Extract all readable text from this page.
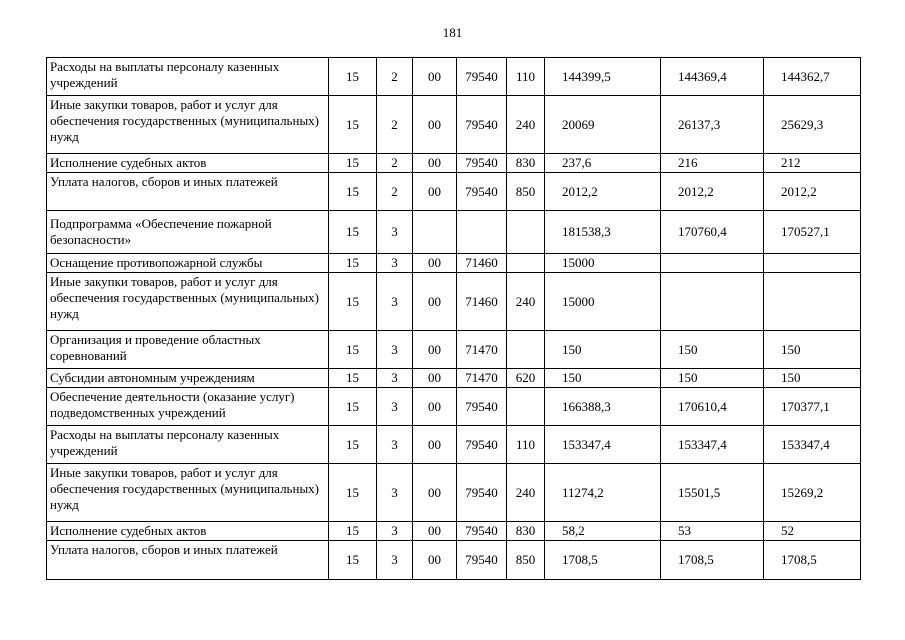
181
Расходы на выплаты персоналу казенных учреждений	15	2	00	79540	110	144399,5	144369,4	144362,7
Иные закупки товаров, работ и услуг для обеспечения государственных (муниципальных) нужд	15	2	00	79540	240	20069	26137,3	25629,3
Исполнение судебных актов	15	2	00	79540	830	237,6	216	212
Уплата налогов, сборов и иных платежей	15	2	00	79540	850	2012,2	2012,2	2012,2
Подпрограмма «Обеспечение пожарной безопасности»	15	3				181538,3	170760,4	170527,1
Оснащение противопожарной службы	15	3	00	71460		15000		
Иные закупки товаров, работ и услуг для обеспечения государственных (муниципальных) нужд	15	3	00	71460	240	15000		
Организация и проведение областных соревнований	15	3	00	71470		150	150	150
Субсидии автономным учреждениям	15	3	00	71470	620	150	150	150
Обеспечение деятельности (оказание услуг) подведомственных учреждений	15	3	00	79540		166388,3	170610,4	170377,1
Расходы на выплаты персоналу казенных учреждений	15	3	00	79540	110	153347,4	153347,4	153347,4
Иные закупки товаров, работ и услуг для обеспечения государственных (муниципальных) нужд	15	3	00	79540	240	11274,2	15501,5	15269,2
Исполнение судебных актов	15	3	00	79540	830	58,2	53	52
Уплата налогов, сборов и иных платежей	15	3	00	79540	850	1708,5	1708,5	1708,5
